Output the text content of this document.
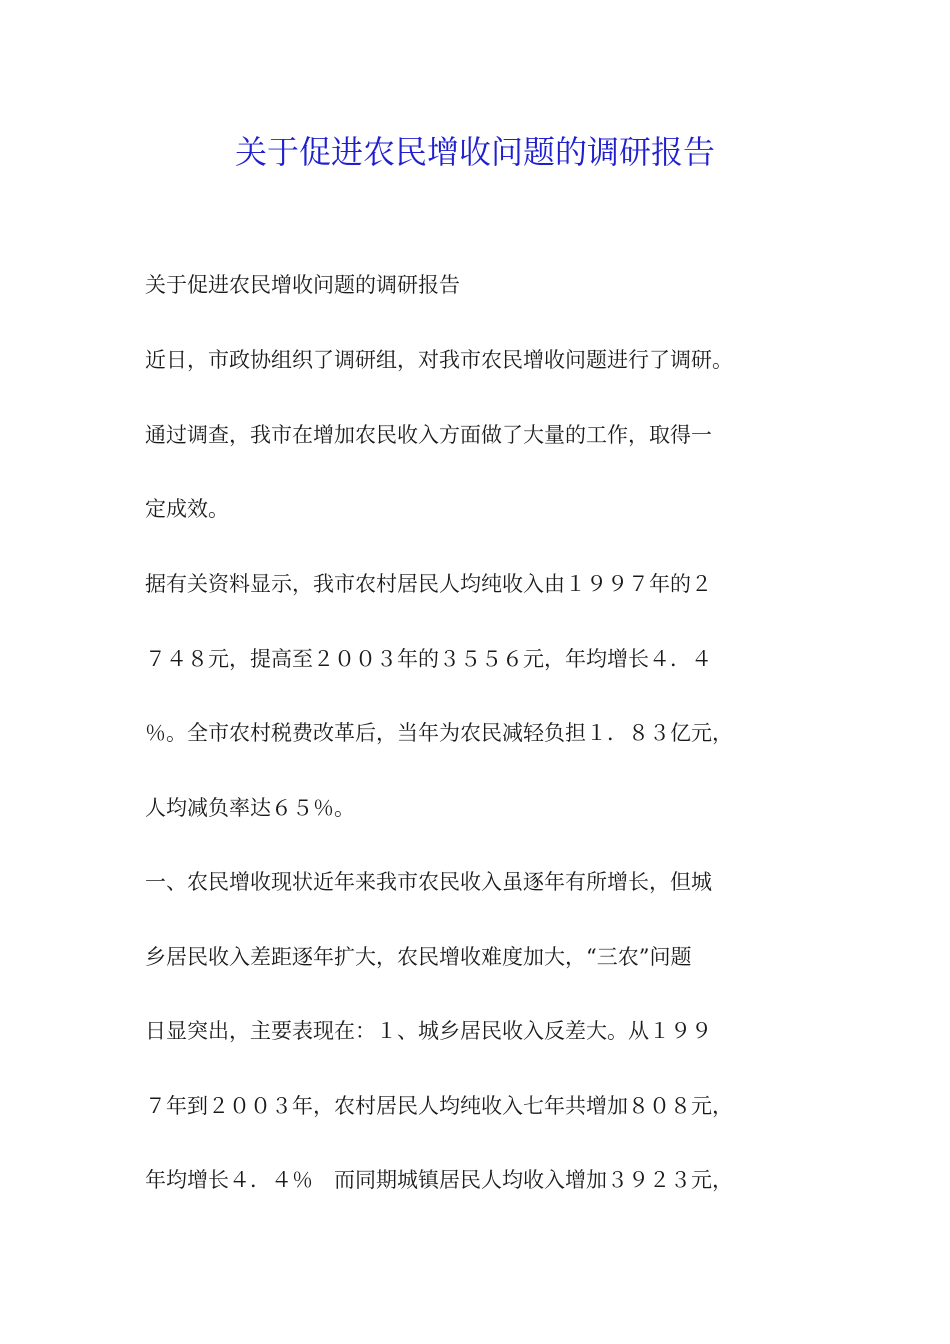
关于促进农民增收问题的调研报告
关于促进农民增收问题的调研报告
近日，市政协组织了调研组，对我市农民增收问题进行了调研。
通过调查，我市在增加农民收入方面做了大量的工作，取得一
定成效。
据有关资料显示，我市农村居民人均纯收入由１９９７年的２
７４８元，提高至２００３年的３５５６元，年均增长４．４
％。全市农村税费改革后，当年为农民减轻负担１．８３亿元，
人均减负率达６５％。
一、农民增收现状近年来我市农民收入虽逐年有所增长，但城
乡居民收入差距逐年扩大，农民增收难度加大，“三农”问题
日显突出，主要表现在：１、城乡居民收入反差大。从１９９
７年到２００３年，农村居民人均纯收入七年共增加８０８元，
年均增长４．４％　而同期城镇居民人均收入增加３９２３元，
